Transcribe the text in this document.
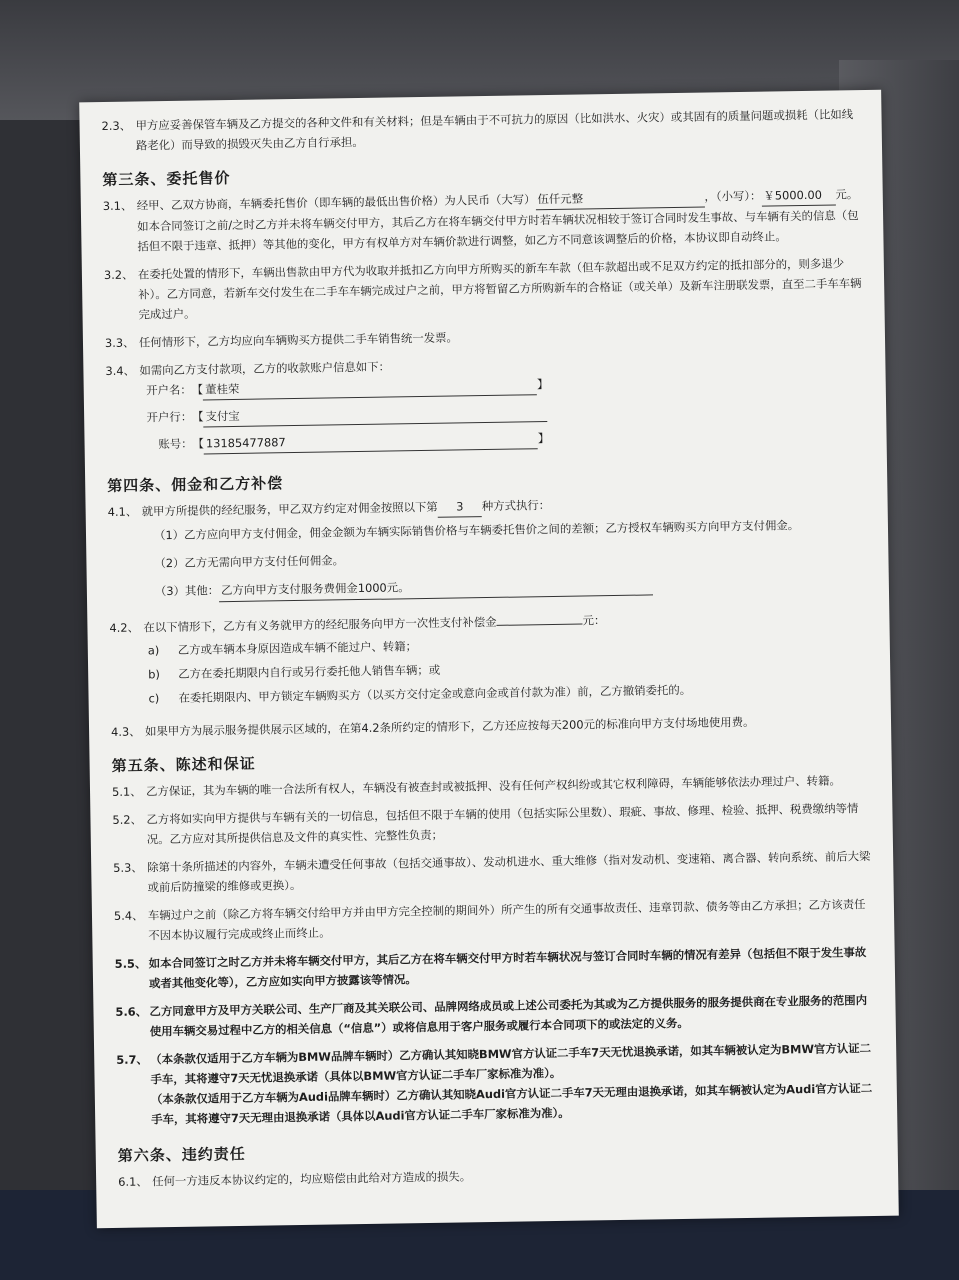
2.3、 甲方应妥善保管车辆及乙方提交的各种文件和有关材料；但是车辆由于不可抗力的原因（比如洪水、火灾）或其固有的质量问题或损耗（比如线路老化）而导致的损毁灭失由乙方自行承担。
第三条、委托售价
3.1、 经甲、乙双方协商，车辆委托售价（即车辆的最低出售价格）为人民币（大写） 伍仟元整	，（小写）： ￥5000.00 元。如本合同签订之前/之时乙方并未将车辆交付甲方，其后乙方在将车辆交付甲方时若车辆状况相较于签订合同时发生事故、与车辆有关的信息（包括但不限于违章、抵押）等其他的变化，甲方有权单方对车辆价款进行调整，如乙方不同意该调整后的价格，本协议即自动终止。
3.2、 在委托处置的情形下，车辆出售款由甲方代为收取并抵扣乙方向甲方所购买的新车车款（但车款超出或不足双方约定的抵扣部分的，则多退少补）。乙方同意，若新车交付发生在二手车车辆完成过户之前，甲方将暂留乙方所购新车的合格证（或关单）及新车注册联发票，直至二手车车辆完成过户。
3.3、 任何情形下，乙方均应向车辆购买方提供二手车销售统一发票。
3.4、 如需向乙方支付款项，乙方的收款账户信息如下：
开户名： 【 董桂荣	】
开户行： 【 支付宝
账号： 【 13185477887	】
第四条、佣金和乙方补偿
4.1、 就甲方所提供的经纪服务，甲乙双方约定对佣金按照以下第 3 种方式执行：
（1）乙方应向甲方支付佣金，佣金金额为车辆实际销售价格与车辆委托售价之间的差额；乙方授权车辆购买方向甲方支付佣金。
（2）乙方无需向甲方支付任何佣金。
（3）其他： 乙方向甲方支付服务费佣金1000元。
4.2、 在以下情形下，乙方有义务就甲方的经纪服务向甲方一次性支付补偿金	元：
a)	乙方或车辆本身原因造成车辆不能过户、转籍；
b)	乙方在委托期限内自行或另行委托他人销售车辆；或
c)	在委托期限内、甲方锁定车辆购买方（以买方交付定金或意向金或首付款为准）前，乙方撤销委托的。
4.3、 如果甲方为展示服务提供展示区域的，在第4.2条所约定的情形下，乙方还应按每天200元的标准向甲方支付场地使用费。
第五条、陈述和保证
5.1、 乙方保证，其为车辆的唯一合法所有权人，车辆没有被查封或被抵押、没有任何产权纠纷或其它权利障碍，车辆能够依法办理过户、转籍。
5.2、 乙方将如实向甲方提供与车辆有关的一切信息，包括但不限于车辆的使用（包括实际公里数）、瑕疵、事故、修理、检验、抵押、税费缴纳等情况。乙方应对其所提供信息及文件的真实性、完整性负责；
5.3、 除第十条所描述的内容外，车辆未遭受任何事故（包括交通事故）、发动机进水、重大维修（指对发动机、变速箱、离合器、转向系统、前后大梁或前后防撞梁的维修或更换）。
5.4、 车辆过户之前（除乙方将车辆交付给甲方并由甲方完全控制的期间外）所产生的所有交通事故责任、违章罚款、债务等由乙方承担；乙方该责任不因本协议履行完成或终止而终止。
5.5、 如本合同签订之时乙方并未将车辆交付甲方，其后乙方在将车辆交付甲方时若车辆状况与签订合同时车辆的情况有差异（包括但不限于发生事故或者其他变化等），乙方应如实向甲方披露该等情况。
5.6、 乙方同意甲方及甲方关联公司、生产厂商及其关联公司、品牌网络成员或上述公司委托为其或为乙方提供服务的服务提供商在专业服务的范围内使用车辆交易过程中乙方的相关信息（“信息”）或将信息用于客户服务或履行本合同项下的或法定的义务。
5.7、 （本条款仅适用于乙方车辆为BMW品牌车辆时）乙方确认其知晓BMW官方认证二手车7天无忧退换承诺，如其车辆被认定为BMW官方认证二手车，其将遵守7天无忧退换承诺（具体以BMW官方认证二手车厂家标准为准）。
（本条款仅适用于乙方车辆为Audi品牌车辆时）乙方确认其知晓Audi官方认证二手车7天无理由退换承诺，如其车辆被认定为Audi官方认证二手车，其将遵守7天无理由退换承诺（具体以Audi官方认证二手车厂家标准为准）。
第六条、违约责任
6.1、 任何一方违反本协议约定的，均应赔偿由此给对方造成的损失。
